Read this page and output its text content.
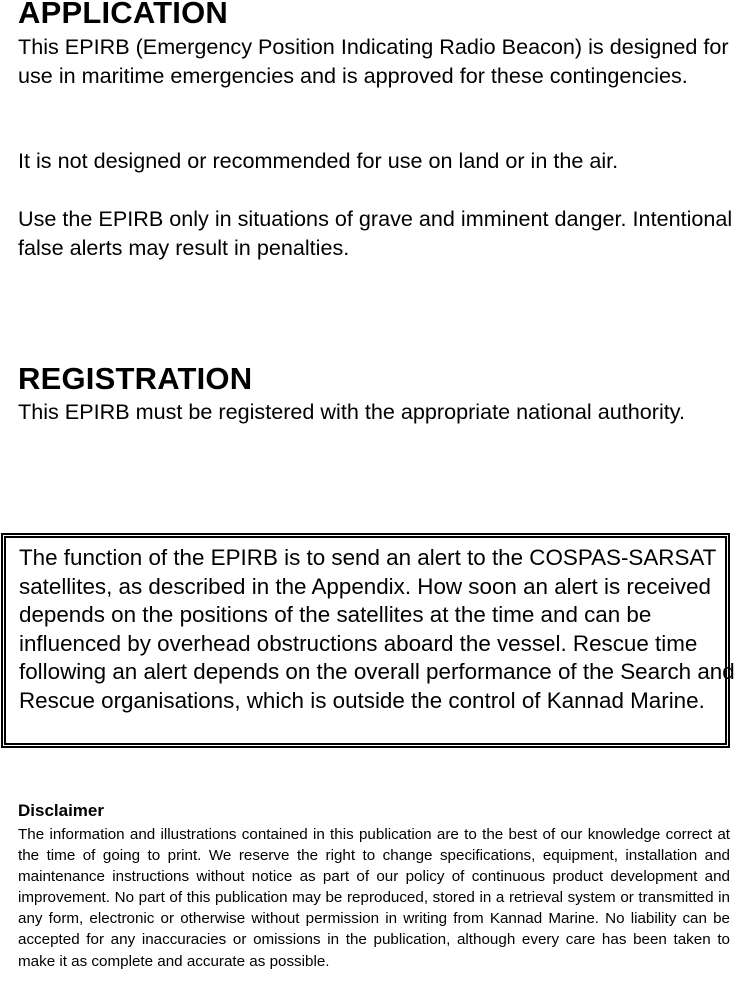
APPLICATION

This EPIRB (Emergency Position Indicating Radio Beacon) is designed for use in maritime emergencies and is approved for these contingencies.

It is not designed or recommended for use on land or in the air.

Use the EPIRB only in situations of grave and imminent danger. Intentional false alerts may result in penalties.

REGISTRATION

This EPIRB must be registered with the appropriate national authority.

The function of the EPIRB is to send an alert to the COSPAS-SARSAT satellites, as described in the Appendix. How soon an alert is received depends on the positions of the satellites at the time and can be influenced by overhead obstructions aboard the vessel. Rescue time following an alert depends on the overall performance of the Search and Rescue organisations, which is outside the control of Kannad Marine.

Disclaimer

The information and illustrations contained in this publication are to the best of our knowledge correct at the time of going to print. We reserve the right to change specifications, equipment, installation and maintenance instructions without notice as part of our policy of continuous product development and improvement. No part of this publication may be reproduced, stored in a retrieval system or transmitted in any form, electronic or otherwise without permission in writing from Kannad Marine. No liability can be accepted for any inaccuracies or omissions in the publication, although every care has been taken to make it as complete and accurate as possible.
